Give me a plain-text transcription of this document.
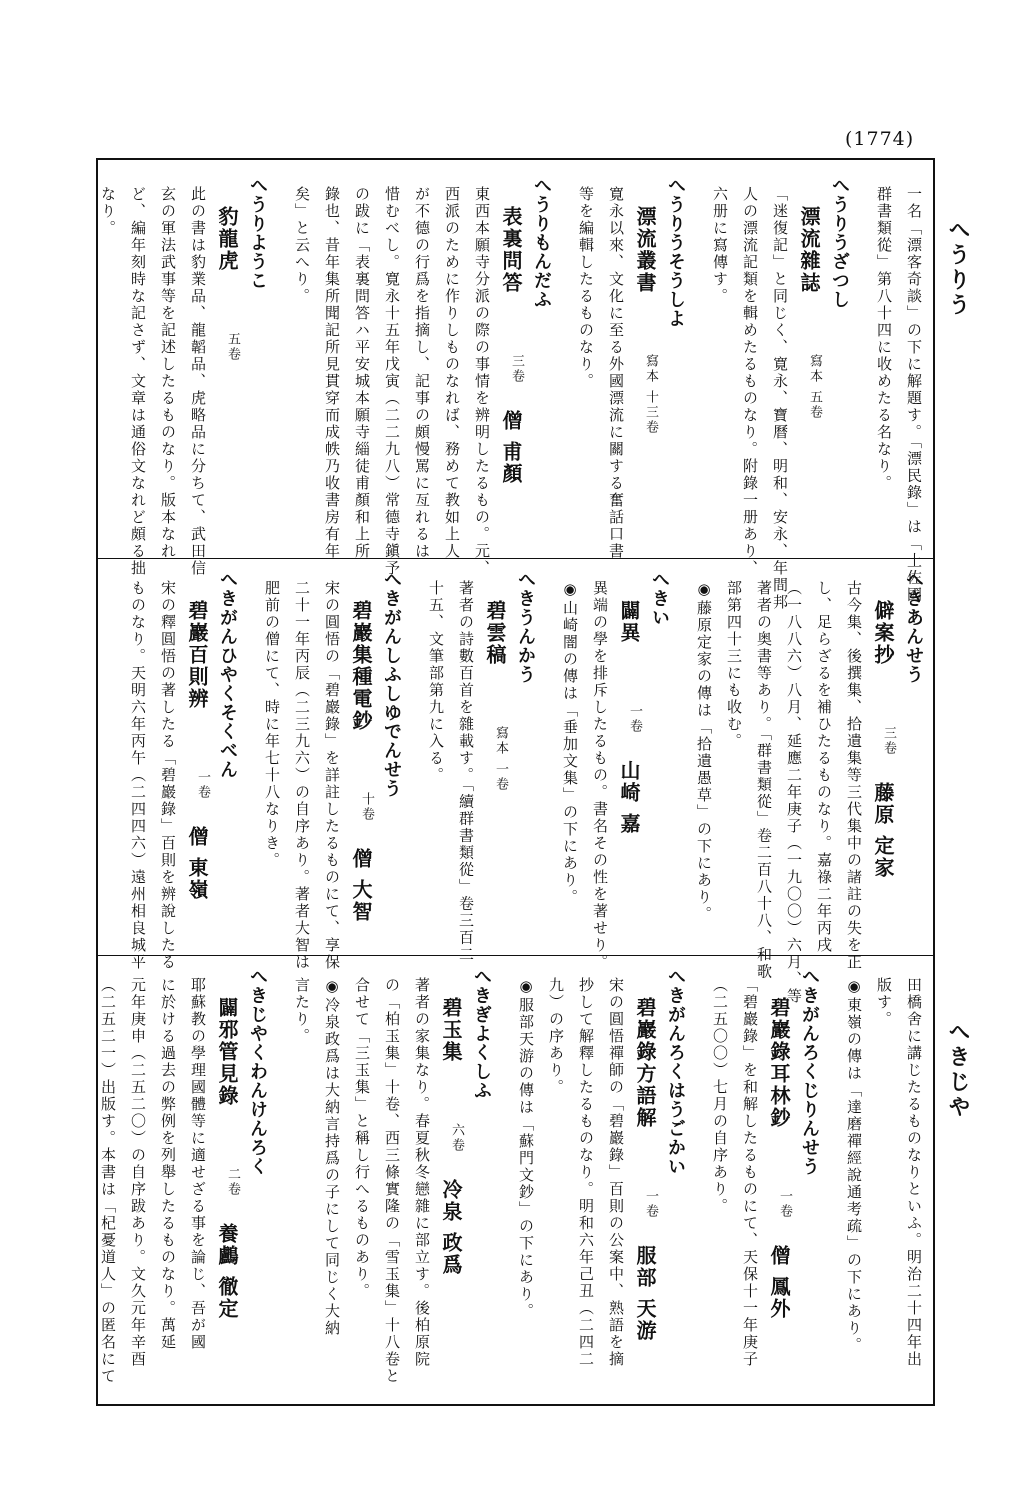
(1774)
へうりう
へきじや
一名「漂客奇談」の下に解題す。「漂民錄」は「土佐國
群書類從」第八十四に收めたる名なり。
へうりうざつし
漂流雜誌
寫本 五卷
「迷復記」と同じく、寛永、寶曆、明和、安永、年間邦
人の漂流記類を輯めたるものなり。附錄一册あり、
六册に寫傳す。
へうりうそうしよ
漂流叢書
寫本 十三卷
寛永以來、文化に至る外國漂流に關する奮話口書
等を編輯したるものなり。
へうりもんだふ
表裏問答
三卷
僧 甫顏
東西本願寺分派の際の事情を辨明したるもの。元、
西派のために作りしものなれば、務めて教如上人
が不德の行爲を指摘し、記事の頗慢罵に亙れるは
惜むべし。寛永十五年戊寅（二二九八）常德寺鎭予
の跋に「表裏問答ハ平安城本願寺緇徒甫顏和上所
錄也、昔年集所聞記所見貫穿而成帙乃收書房有年
矣」と云へり。
へうりようこ
豹龍虎
五卷
此の書は豹業品、龍韜品、虎略品に分ちて、武田信
玄の軍法武事等を記述したるものなり。版本なれ
ど、編年刻時な記さず、文章は通俗文なれど頗る拙
なり。
へきあんせう
僻案抄
三卷
藤原 定家
古今集、後撰集、拾遺集等三代集中の諸註の失を正
し、足らざるを補ひたるものなり。嘉祿二年丙戌
（一八八六）八月、延應二年庚子（一九〇〇）六月、等
著者の奥書等あり。「群書類從」卷二百八十八、和歌
部第四十三にも收む。
◉藤原定家の傳は「拾遺愚草」の下にあり。
へきい
闢異
一卷
山崎 嘉
異端の學を排斥したるもの。書名その性を著せり。
◉山崎闇の傳は「垂加文集」の下にあり。
へきうんかう
碧雲稿
寫本 一卷
著者の詩數百首を雜載す。「續群書類從」卷三百二
十五、文筆部第九に入る。
へきがんしふしゆでんせう
碧巖集種電鈔
十卷
僧 大智
宋の圓悟の「碧巖錄」を詳註したるものにて、享保
二十一年丙辰（二三九六）の自序あり。著者大智は
肥前の僧にて、時に年七十八なりき。
へきがんひやくそくべん
碧巖百則辨
一卷
僧 東嶺
宋の釋圓悟の著したる「碧巖錄」百則を辨說したる
ものなり。天明六年丙午（二四四六）遠州相良城平
田橋舍に講じたるものなりといふ。明治二十四年出
版す。
◉東嶺の傳は「達磨禪經說通考疏」の下にあり。
へきがんろくじりんせう
碧巖錄耳林鈔
一卷
僧 鳳外
「碧巖錄」を和解したるものにて、天保十一年庚子
（二五〇〇）七月の自序あり。
へきがんろくはうごかい
碧巖錄方語解
一卷
服部 天游
宋の圓悟禪師の「碧巖錄」百則の公案中、熟語を摘
抄して解釋したるものなり。明和六年己丑（二四二
九）の序あり。
◉服部天游の傳は「蘇門文鈔」の下にあり。
へきぎよくしふ
碧玉集
六卷
冷泉 政爲
著者の家集なり。春夏秋冬戀雜に部立す。後柏原院
の「柏玉集」十卷、西三條實隆の「雪玉集」十八卷と
合せて「三玉集」と稱し行へるものあり。
◉冷泉政爲は大納言持爲の子にして同じく大納
言たり。
へきじやくわんけんろく
闢邪管見錄
二卷
養鸕 徹定
耶蘇教の學理國體等に適せざる事を論じ、吾が國
に於ける過去の弊例を列舉したるものなり。萬延
元年庚申（二五二〇）の自序跋あり。文久元年辛酉
（二五二一）出版す。本書は「杞憂道人」の匿名にて
